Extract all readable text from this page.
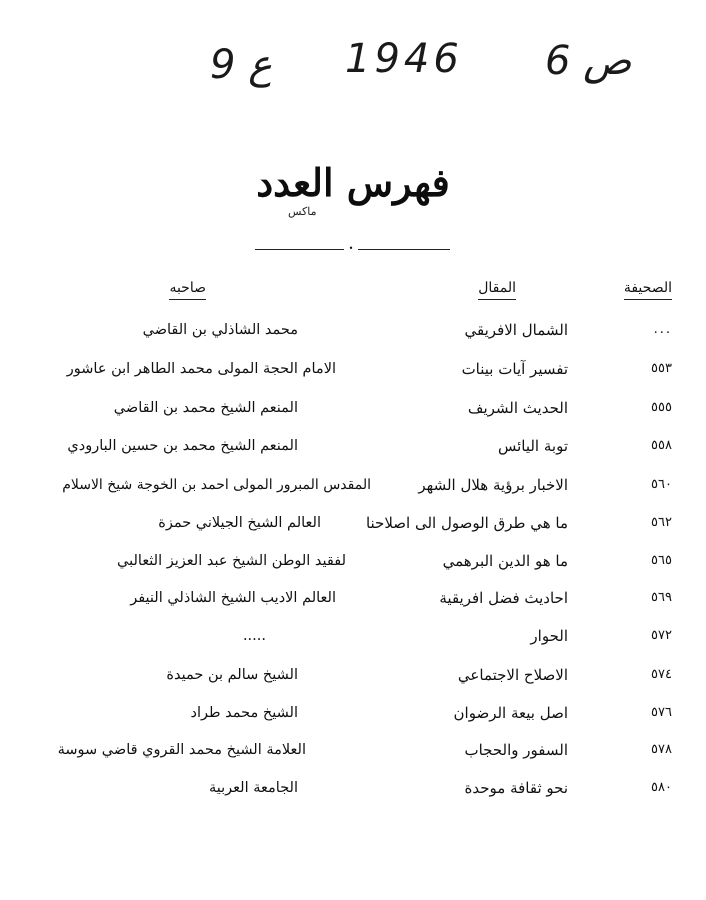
9 ع 1946 6 ص
فهرس العدد
ماكس
•
الصحيفة
المقال
صاحبه
...
الشمال الافريقي
محمد الشاذلي بن القاضي
٥٥٣
تفسير آيات بينات
الامام الحجة المولى محمد الطاهر ابن عاشور
٥٥٥
الحديث الشريف
المنعم الشيخ محمد بن القاضي
٥٥٨
توبة اليائس
المنعم الشيخ محمد بن حسين البارودي
٥٦٠
الاخبار برؤية هلال الشهر
المقدس المبرور المولى احمد بن الخوجة شيخ الاسلام
٥٦٢
ما هي طرق الوصول الى اصلاحنا
العالم الشيخ الجيلاني حمزة
٥٦٥
ما هو الدين البرهمي
لفقيد الوطن الشيخ عبد العزيز الثعالبي
٥٦٩
احاديث فضل افريقية
العالم الاديب الشيخ الشاذلي النيفر
٥٧٢
الحوار
.....
٥٧٤
الاصلاح الاجتماعي
الشيخ سالم بن حميدة
٥٧٦
اصل بيعة الرضوان
الشيخ محمد طراد
٥٧٨
السفور والحجاب
العلامة الشيخ محمد القروي قاضي سوسة
٥٨٠
نحو ثقافة موحدة
الجامعة العربية
